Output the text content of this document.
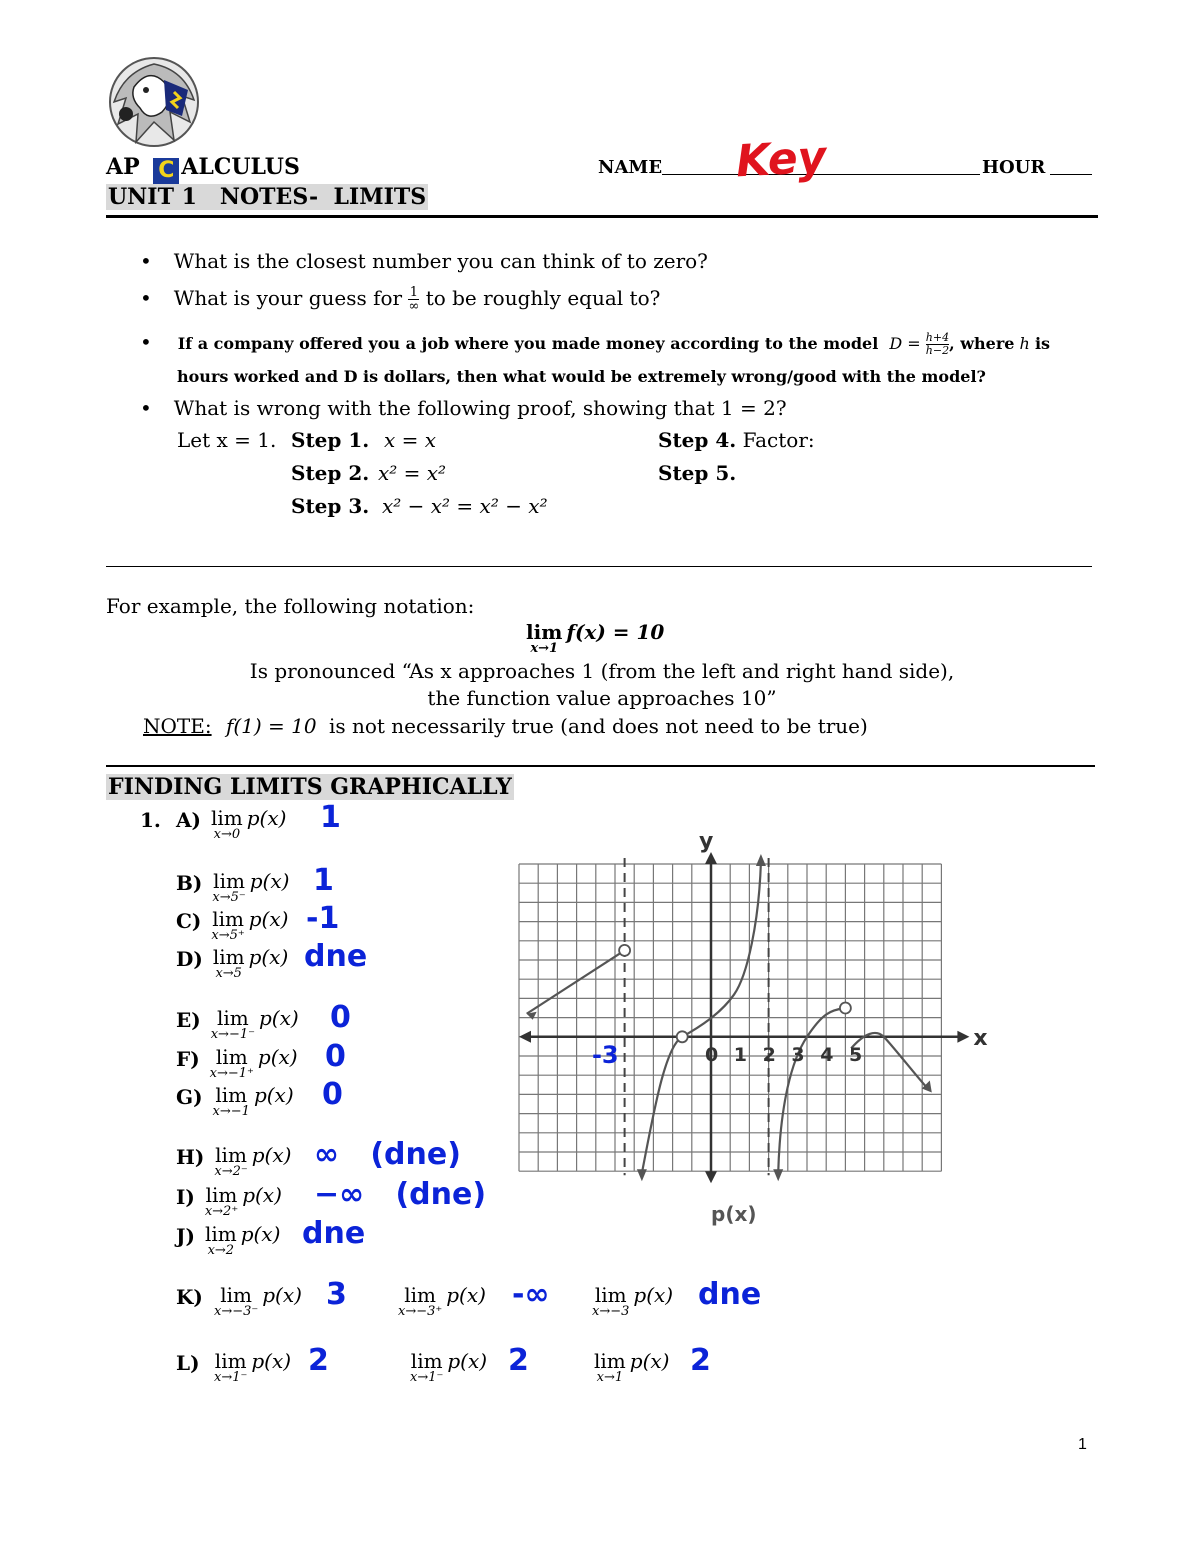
AP C ALCULUS	NAME Key	HOUR
UNIT 1   NOTES-  LIMITS
• What is the closest number you can think of to zero?
• What is your guess for 1
∞ to be roughly equal to?
• If a company offered you a job where you made money according to the model $D = \frac{h+4}{h-2}$ , where h is
hours worked and D is dollars, then what would be extremely wrong/good with the model?
• What is wrong with the following proof, showing that 1 = 2?
Let x = 1. Step 1. x = x
Step 2. x² = x²
Step 3. x² − x² = x² − x²
Step 4. Factor:
Step 5.
For example, the following notation:
lim
x→1
f(x) = 10
Is pronounced “As x approaches 1 (from the left and right hand side),
the function value approaches 10”
NOTE: f(1) = 10 is not necessarily true (and does not need to be true)
FINDING LIMITS GRAPHICALLY
1. A) lim
x→0
p(x) 1
B) lim
x→5⁻
p(x) 1
C) lim
x→5⁺
p(x) -1
D) lim
x→5
p(x) dne
E) lim
x→−1⁻
p(x) 0
F) lim
x→−1⁺
p(x) 0
G) lim
x→−1
p(x) 0
H) lim
x→2⁻
p(x) ∞   (dne)
I) lim
x→2⁺
p(x) −∞   (dne)
J) lim
x→2
p(x) dne
K) lim
x→−3⁻
p(x) 3	lim
x→−3⁺
p(x) -∞ lim
x→−3
p(x) dne
L) lim
x→1⁻
p(x) 2	lim
x→1⁻
p(x) 2	lim
x→1
p(x) 2
y
x
0 1 2 3 4 5
-3
p(x)
1
